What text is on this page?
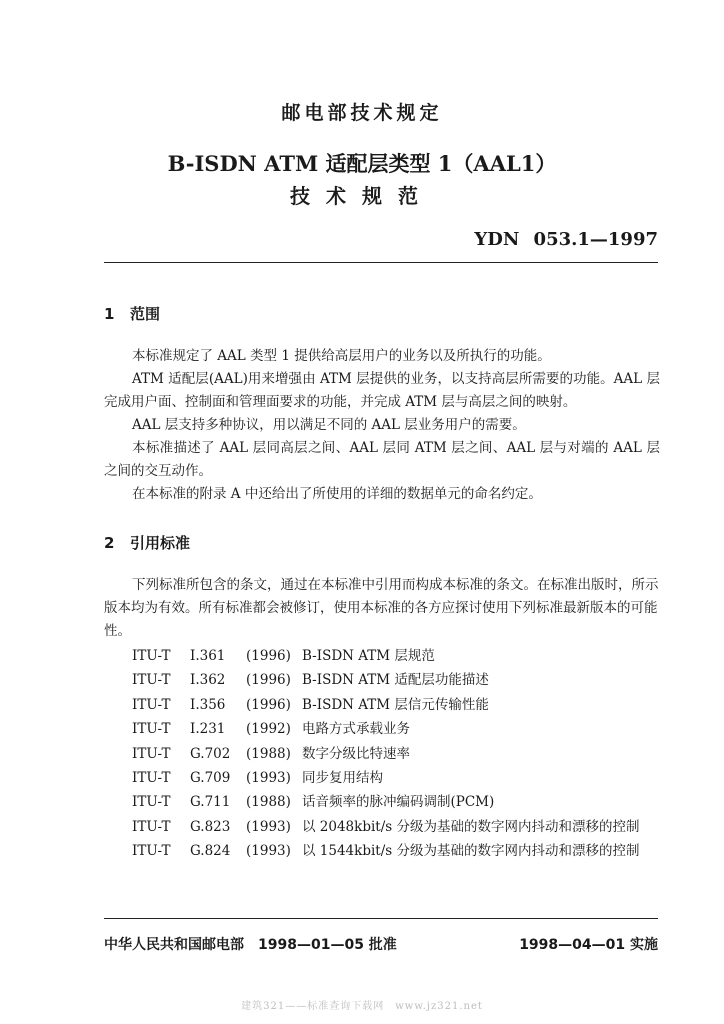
邮电部技术规定
B-ISDN ATM 适配层类型 1（AAL1）
技术规范
YDN 053.1—1997
1 范围

本标准规定了 AAL 类型 1 提供给高层用户的业务以及所执行的功能。

ATM 适配层(AAL)用来增强由 ATM 层提供的业务，以支持高层所需要的功能。AAL 层完成用户面、控制面和管理面要求的功能，并完成 ATM 层与高层之间的映射。

AAL 层支持多种协议，用以满足不同的 AAL 层业务用户的需要。

本标准描述了 AAL 层同高层之间、AAL 层同 ATM 层之间、AAL 层与对端的 AAL 层之间的交互动作。

在本标准的附录 A 中还给出了所使用的详细的数据单元的命名约定。

2 引用标准

下列标准所包含的条文，通过在本标准中引用而构成本标准的条文。在标准出版时，所示版本均为有效。所有标准都会被修订，使用本标准的各方应探讨使用下列标准最新版本的可能性。

ITU-T I.361 (1996) B-ISDN ATM 层规范
ITU-T I.362 (1996) B-ISDN ATM 适配层功能描述
ITU-T I.356 (1996) B-ISDN ATM 层信元传输性能
ITU-T I.231 (1992) 电路方式承载业务
ITU-T G.702 (1988) 数字分级比特速率
ITU-T G.709 (1993) 同步复用结构
ITU-T G.711 (1988) 话音频率的脉冲编码调制(PCM)
ITU-T G.823 (1993) 以 2048kbit/s 分级为基础的数字网内抖动和漂移的控制
ITU-T G.824 (1993) 以 1544kbit/s 分级为基础的数字网内抖动和漂移的控制
中华人民共和国邮电部　1998—01—05 批准	1998—04—01 实施
建筑321——标准查询下载网　www.jz321.net
